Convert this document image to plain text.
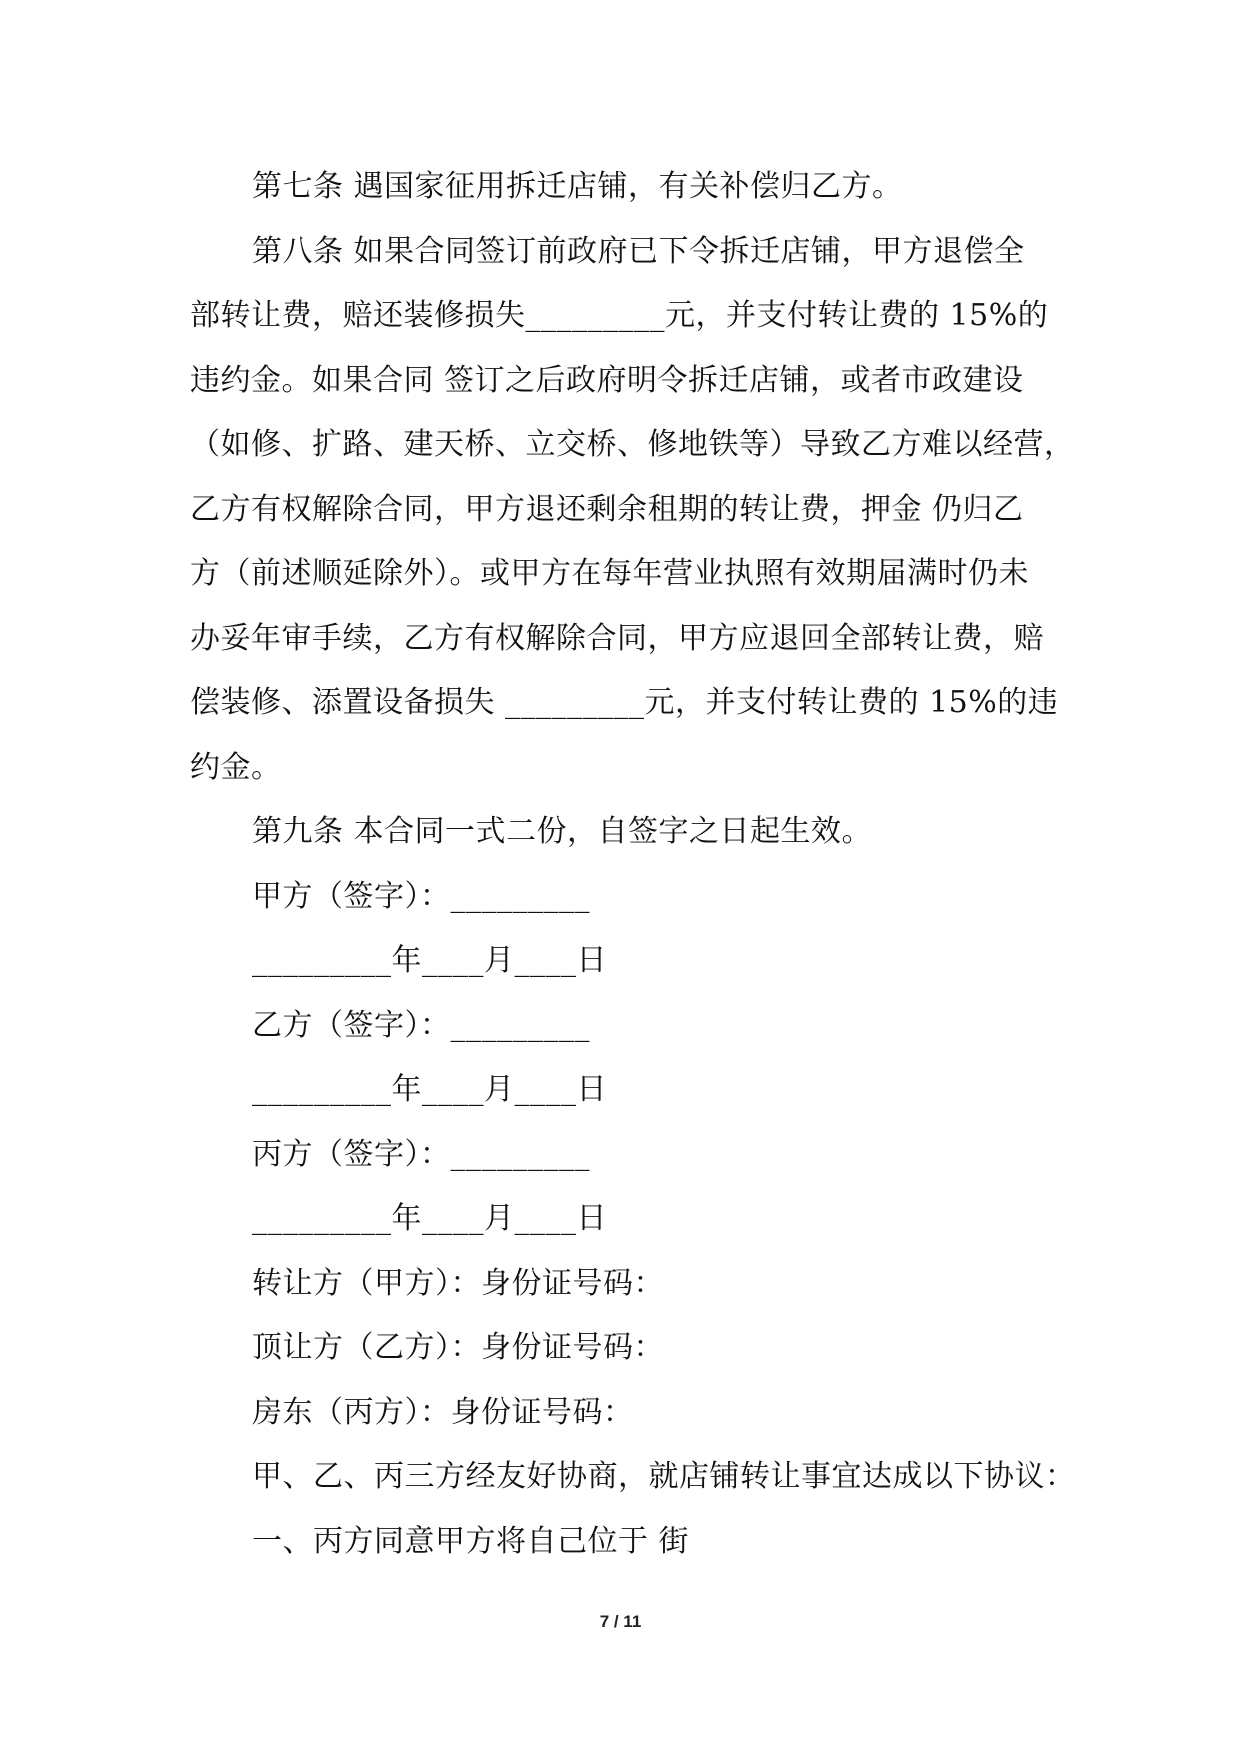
第七条 遇国家征用拆迁店铺，有关补偿归乙方。
第八条 如果合同签订前政府已下令拆迁店铺，甲方退偿全
部转让费，赔还装修损失_________元，并支付转让费的 15%的
违约金。如果合同 签订之后政府明令拆迁店铺，或者市政建设
（如修、扩路、建天桥、立交桥、修地铁等）导致乙方难以经营，
乙方有权解除合同，甲方退还剩余租期的转让费，押金 仍归乙
方（前述顺延除外）。或甲方在每年营业执照有效期届满时仍未
办妥年审手续，乙方有权解除合同，甲方应退回全部转让费，赔
偿装修、添置设备损失 _________元，并支付转让费的 15%的违
约金。
第九条 本合同一式二份，自签字之日起生效。
甲方（签字）：_________
_________年____月____日
乙方（签字）：_________
_________年____月____日
丙方（签字）：_________
_________年____月____日
转让方（甲方）：身份证号码：
顶让方（乙方）：身份证号码：
房东（丙方）：身份证号码：
甲、乙、丙三方经友好协商，就店铺转让事宜达成以下协议：
一、丙方同意甲方将自己位于 街
7 / 11
